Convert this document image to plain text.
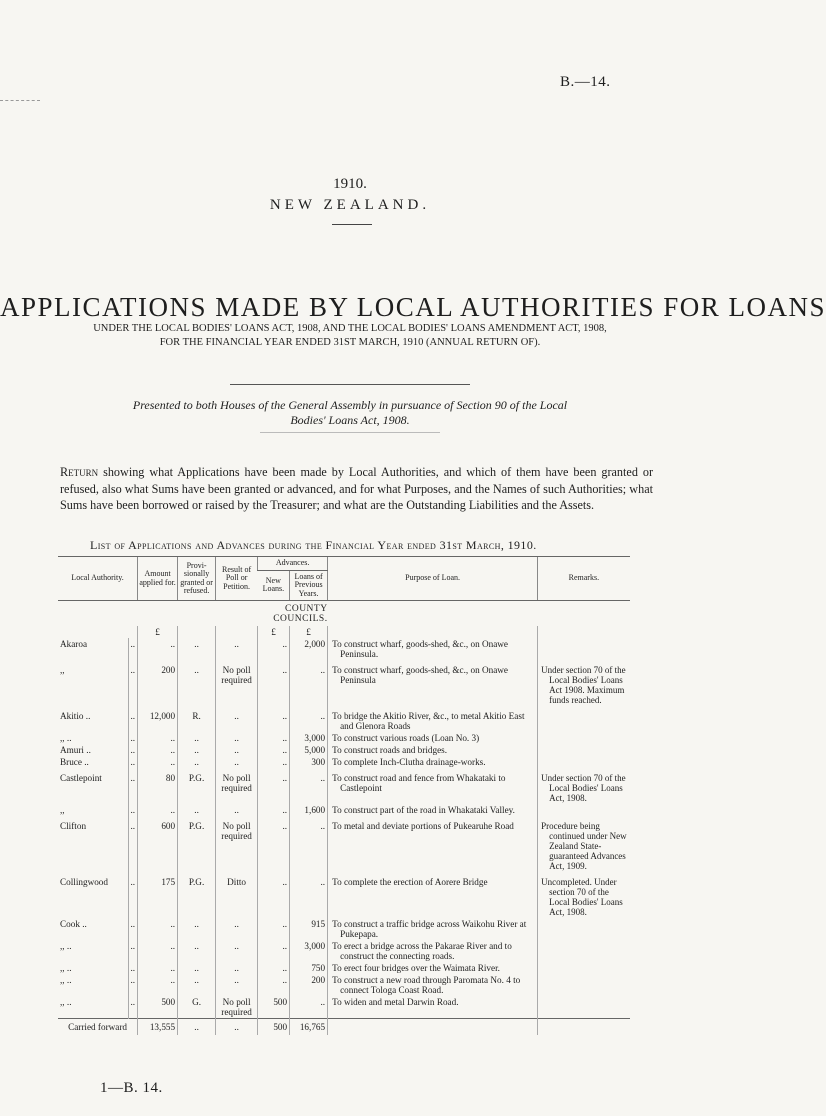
B.—14.
1910.
NEW ZEALAND.
APPLICATIONS MADE BY LOCAL AUTHORITIES FOR LOANS
UNDER THE LOCAL BODIES' LOANS ACT, 1908, AND THE LOCAL BODIES' LOANS AMENDMENT ACT, 1908,
FOR THE FINANCIAL YEAR ENDED 31ST MARCH, 1910 (ANNUAL RETURN OF).
Presented to both Houses of the General Assembly in pursuance of Section 90 of the Local
Bodies' Loans Act, 1908.
Return showing what Applications have been made by Local Authorities, and which of them have been granted or refused, also what Sums have been granted or advanced, and for what Purposes, and the Names of such Authorities; what Sums have been borrowed or raised by the Treasurer; and what are the Outstanding Liabilities and the Assets.
List of Applications and Advances during the Financial Year ended 31st March, 1910.
Local Authority.		Amount applied for.	Provi- sionally granted or refused.	Result of Poll or Petition.	Advances.		Purpose of Loan.	Remarks.
					New Loans.	Loans of Previous Years.		
					COUNTY COUNCILS.			
		£			£	£		
Akaroa	..	..	..	..	..	2,000	To construct wharf, goods-shed, &c., on Onawe Peninsula.	
,,	..	200	..	No poll required	..	..	To construct wharf, goods-shed, &c., on Onawe Peninsula	Under section 70 of the Local Bodies' Loans Act 1908. Maximum funds reached.
Akitio ..	..	12,000	R.	..	..	..	To bridge the Akitio River, &c., to metal Akitio East and Glenora Roads	
,, ..	..	..	..	..	..	3,000	To construct various roads (Loan No. 3)	
Amuri ..	..	..	..	..	..	5,000	To construct roads and bridges.	
Bruce ..	..	..	..	..	..	300	To complete Inch-Clutha drainage-works.	
Castlepoint	..	80	P.G.	No poll required	..	..	To construct road and fence from Whakataki to Castlepoint	Under section 70 of the Local Bodies' Loans Act, 1908.
,,	..	..	..	..	..	1,600	To construct part of the road in Whakataki Valley.	
Clifton	..	600	P.G.	No poll required	..	..	To metal and deviate portions of Pukearuhe Road	Procedure being continued under New Zealand State-guaranteed Advances Act, 1909.
Collingwood	..	175	P.G.	Ditto	..	..	To complete the erection of Aorere Bridge	Uncompleted. Under section 70 of the Local Bodies' Loans Act, 1908.
Cook ..	..	..	..	..	..	915	To construct a traffic bridge across Waikohu River at Pukepapa.	
,, ..	..	..	..	..	..	3,000	To erect a bridge across the Pakarae River and to construct the connecting roads.	
,, ..	..	..	..	..	..	750	To erect four bridges over the Waimata River.	
,, ..	..	..	..	..	..	200	To construct a new road through Paromata No. 4 to connect Tologa Coast Road.	
,, ..	..	500	G.	No poll required	500	..	To widen and metal Darwin Road.	
Carried forward		13,555	..	..	500	16,765		
1—B. 14.
